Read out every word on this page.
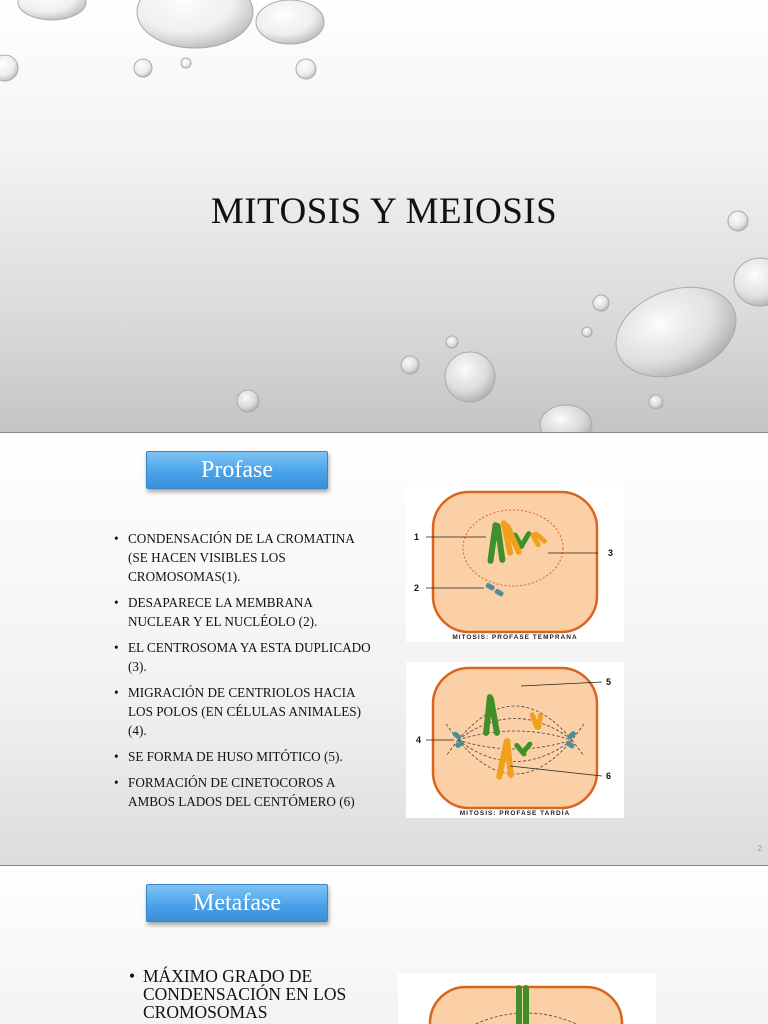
MITOSIS Y MEIOSIS
Profase
• CONDENSACIÓN DE LA CROMATINA (SE HACEN VISIBLES LOS CROMOSOMAS(1).
• DESAPARECE LA MEMBRANA NUCLEAR Y EL NUCLÉOLO (2).
• EL CENTROSOMA YA ESTA DUPLICADO (3).
• MIGRACIÓN DE CENTRIOLOS HACIA LOS POLOS (EN CÉLULAS ANIMALES) (4).
• SE FORMA DE HUSO MITÓTICO (5).
• FORMACIÓN DE CINETOCOROS A AMBOS LADOS DEL CENTÓMERO (6)
1
2
3
MITOSIS: PROFASE TEMPRANA
4
5
6
MITOSIS: PROFASE TARDÍA
2
Metafase
• MÁXIMO GRADO DE CONDENSACIÓN EN LOS CROMOSOMAS
